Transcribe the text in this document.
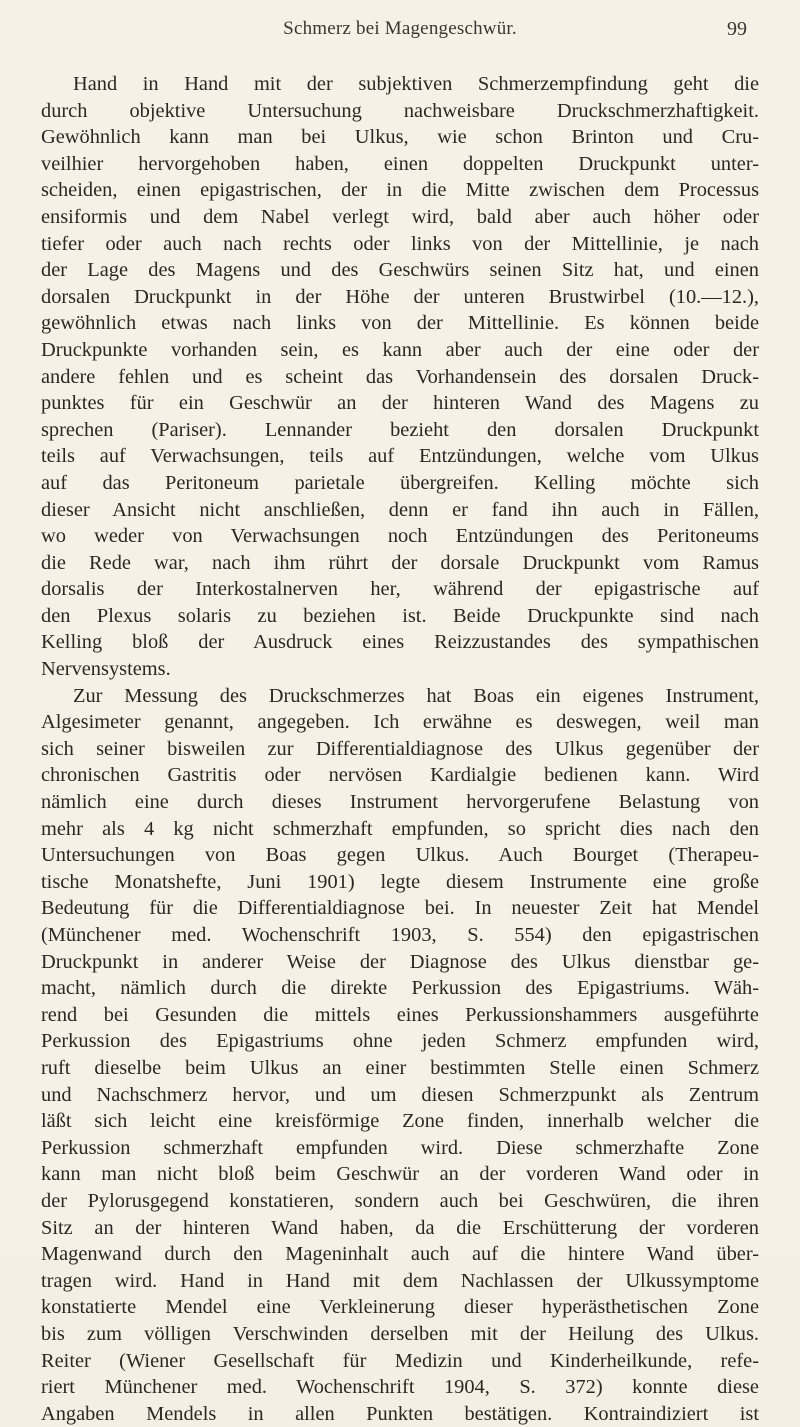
Schmerz bei Magengeschwür.	99
Hand in Hand mit der subjektiven Schmerzempfindung geht die
durch objektive Untersuchung nachweisbare Druckschmerzhaftigkeit.
Gewöhnlich kann man bei Ulkus, wie schon Brinton und Cru-
veilhier hervorgehoben haben, einen doppelten Druckpunkt unter-
scheiden, einen epigastrischen, der in die Mitte zwischen dem Processus
ensiformis und dem Nabel verlegt wird, bald aber auch höher oder
tiefer oder auch nach rechts oder links von der Mittellinie, je nach
der Lage des Magens und des Geschwürs seinen Sitz hat, und einen
dorsalen Druckpunkt in der Höhe der unteren Brustwirbel (10.—12.),
gewöhnlich etwas nach links von der Mittellinie. Es können beide
Druckpunkte vorhanden sein, es kann aber auch der eine oder der
andere fehlen und es scheint das Vorhandensein des dorsalen Druck-
punktes für ein Geschwür an der hinteren Wand des Magens zu
sprechen (Pariser). Lennander bezieht den dorsalen Druckpunkt
teils auf Verwachsungen, teils auf Entzündungen, welche vom Ulkus
auf das Peritoneum parietale übergreifen. Kelling möchte sich
dieser Ansicht nicht anschließen, denn er fand ihn auch in Fällen,
wo weder von Verwachsungen noch Entzündungen des Peritoneums
die Rede war, nach ihm rührt der dorsale Druckpunkt vom Ramus
dorsalis der Interkostalnerven her, während der epigastrische auf
den Plexus solaris zu beziehen ist. Beide Druckpunkte sind nach
Kelling bloß der Ausdruck eines Reizzustandes des sympathischen
Nervensystems.
Zur Messung des Druckschmerzes hat Boas ein eigenes Instrument,
Algesimeter genannt, angegeben. Ich erwähne es deswegen, weil man
sich seiner bisweilen zur Differentialdiagnose des Ulkus gegenüber der
chronischen Gastritis oder nervösen Kardialgie bedienen kann. Wird
nämlich eine durch dieses Instrument hervorgerufene Belastung von
mehr als 4 kg nicht schmerzhaft empfunden, so spricht dies nach den
Untersuchungen von Boas gegen Ulkus. Auch Bourget (Therapeu-
tische Monatshefte, Juni 1901) legte diesem Instrumente eine große
Bedeutung für die Differentialdiagnose bei. In neuester Zeit hat Mendel
(Münchener med. Wochenschrift 1903, S. 554) den epigastrischen
Druckpunkt in anderer Weise der Diagnose des Ulkus dienstbar ge-
macht, nämlich durch die direkte Perkussion des Epigastriums. Wäh-
rend bei Gesunden die mittels eines Perkussionshammers ausgeführte
Perkussion des Epigastriums ohne jeden Schmerz empfunden wird,
ruft dieselbe beim Ulkus an einer bestimmten Stelle einen Schmerz
und Nachschmerz hervor, und um diesen Schmerzpunkt als Zentrum
läßt sich leicht eine kreisförmige Zone finden, innerhalb welcher die
Perkussion schmerzhaft empfunden wird. Diese schmerzhafte Zone
kann man nicht bloß beim Geschwür an der vorderen Wand oder in
der Pylorusgegend konstatieren, sondern auch bei Geschwüren, die ihren
Sitz an der hinteren Wand haben, da die Erschütterung der vorderen
Magenwand durch den Mageninhalt auch auf die hintere Wand über-
tragen wird. Hand in Hand mit dem Nachlassen der Ulkussymptome
konstatierte Mendel eine Verkleinerung dieser hyperästhetischen Zone
bis zum völligen Verschwinden derselben mit der Heilung des Ulkus.
Reiter (Wiener Gesellschaft für Medizin und Kinderheilkunde, refe-
riert Münchener med. Wochenschrift 1904, S. 372) konnte diese
Angaben Mendels in allen Punkten bestätigen. Kontraindiziert ist
